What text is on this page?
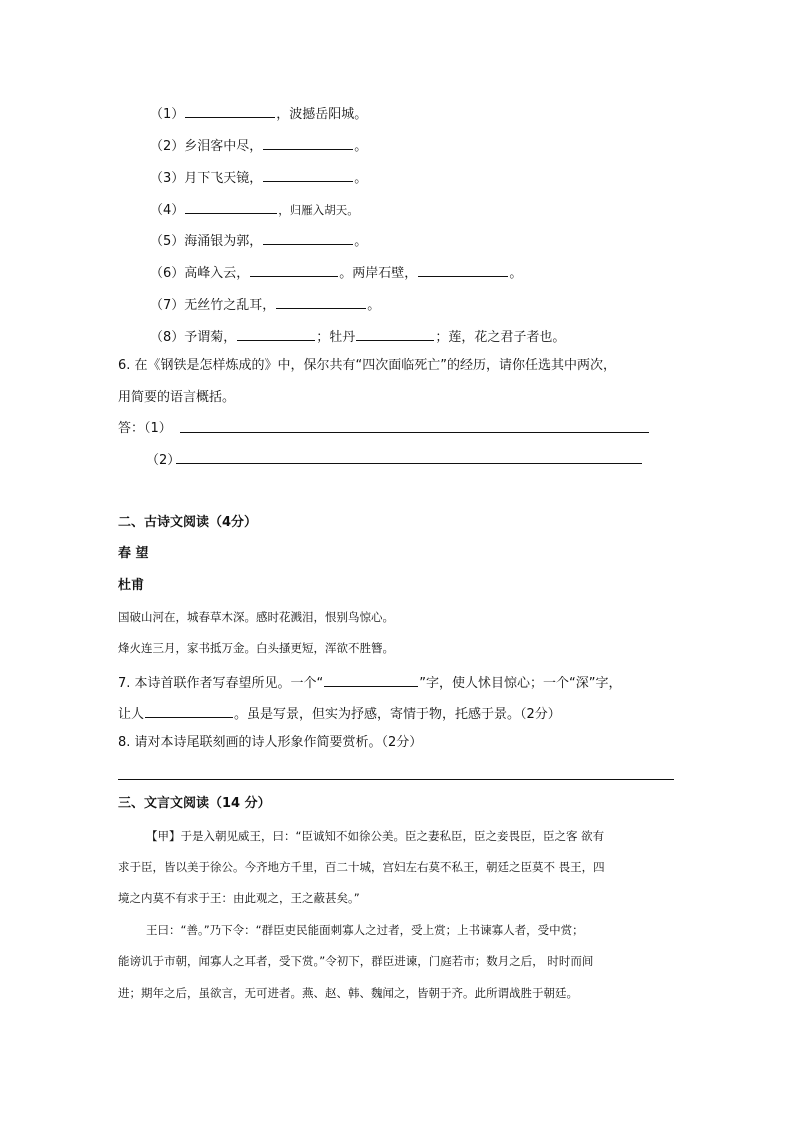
（1）	，波撼岳阳城。
（2）乡泪客中尽，	。
（3）月下飞天镜，	。
（4）	，归雁入胡天。
（5）海涌银为郭，	。
（6）高峰入云，	。两岸石壁，	。
（7）无丝竹之乱耳，	。
（8）予谓菊，	；牡丹	；莲，花之君子者也。
6. 在《钢铁是怎样炼成的》中，保尔共有“四次面临死亡”的经历，请你任选其中两次，
用简要的语言概括。
答：（1）
（2）
二、古诗文阅读（4分）
春 望
杜甫
国破山河在，城春草木深。感时花溅泪，恨别鸟惊心。
烽火连三月，家书抵万金。白头搔更短，浑欲不胜簪。
7. 本诗首联作者写春望所见。一个“	”字，使人怵目惊心；一个“深”字，
让人	。虽是写景，但实为抒感，寄情于物，托感于景。（2分）
8. 请对本诗尾联刻画的诗人形象作简要赏析。（2分）
三、文言文阅读（14 分）
【甲】于是入朝见威王，曰：“臣诚知不如徐公美。臣之妻私臣，臣之妾畏臣，臣之客 欲有
求于臣，皆以美于徐公。今齐地方千里，百二十城，宫妇左右莫不私王，朝廷之臣莫不 畏王，四
境之内莫不有求于王：由此观之，王之蔽甚矣。”
王曰：“善。”乃下令：“群臣吏民能面刺寡人之过者，受上赏；上书谏寡人者，受中赏；
能谤讥于市朝，闻寡人之耳者，受下赏。”令初下，群臣进谏，门庭若市；数月之后， 时时而间
进；期年之后，虽欲言，无可进者。燕、赵、韩、魏闻之，皆朝于齐。此所谓战胜于朝廷。
